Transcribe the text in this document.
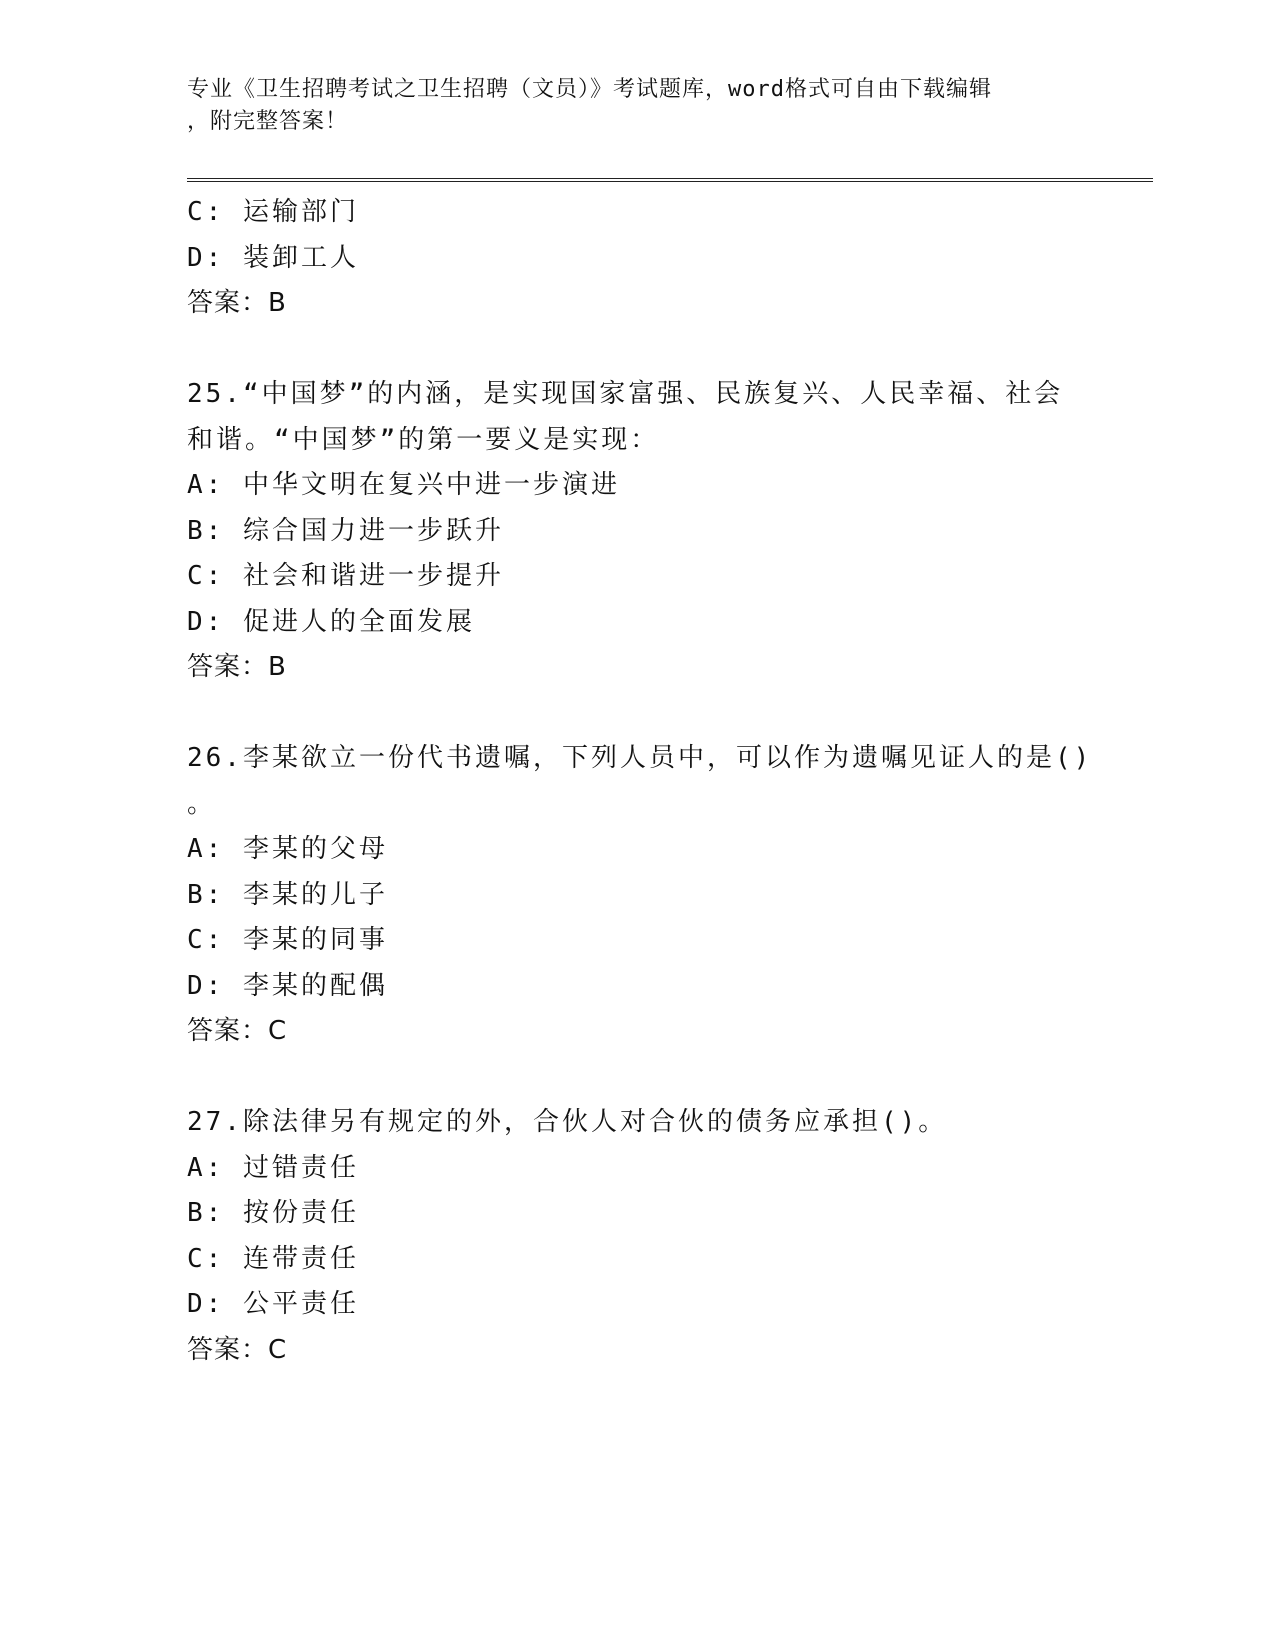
专业《卫生招聘考试之卫生招聘（文员）》考试题库，word格式可自由下载编辑
，附完整答案！
C: 运输部门
D: 装卸工人
答案：B
25.“中国梦”的内涵，是实现国家富强、民族复兴、人民幸福、社会
和谐。“中国梦”的第一要义是实现：
A: 中华文明在复兴中进一步演进
B: 综合国力进一步跃升
C: 社会和谐进一步提升
D: 促进人的全面发展
答案：B
26.李某欲立一份代书遗嘱，下列人员中，可以作为遗嘱见证人的是()
。
A: 李某的父母
B: 李某的儿子
C: 李某的同事
D: 李某的配偶
答案：C
27.除法律另有规定的外，合伙人对合伙的债务应承担()。
A: 过错责任
B: 按份责任
C: 连带责任
D: 公平责任
答案：C
